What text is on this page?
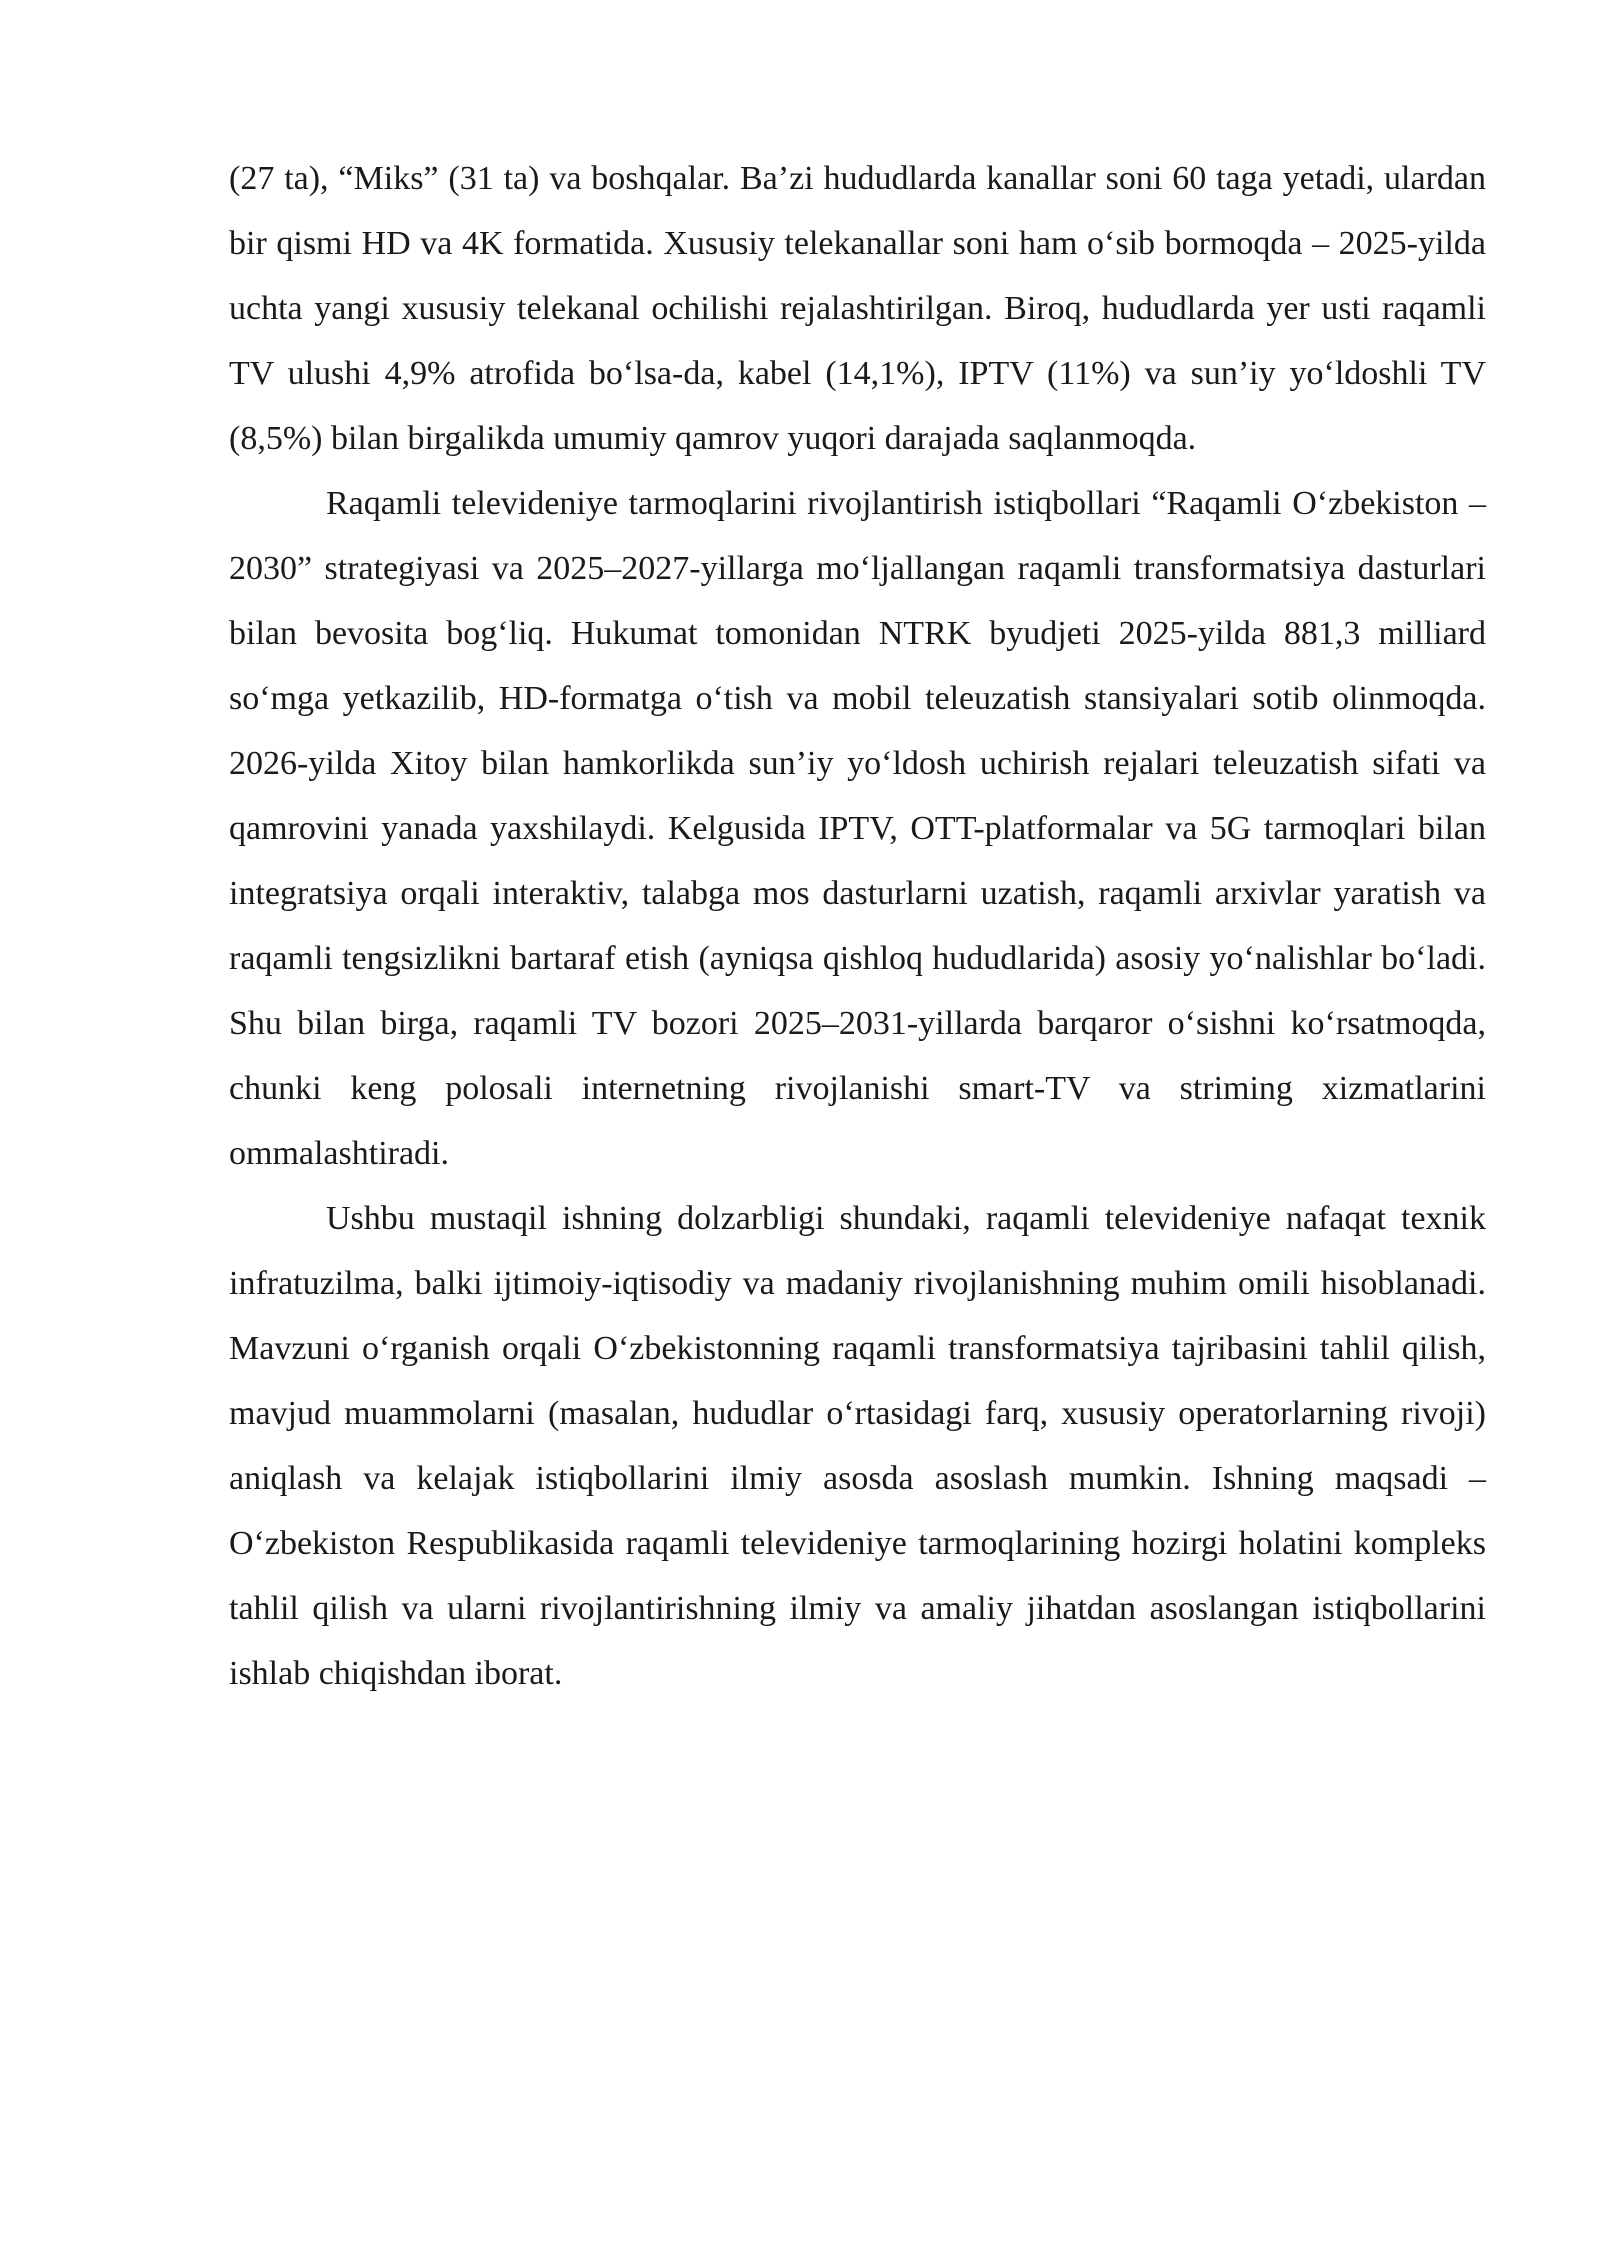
(27 ta), “Miks” (31 ta) va boshqalar. Ba’zi hududlarda kanallar soni 60 taga yetadi, ulardan bir qismi HD va 4K formatida. Xususiy telekanallar soni ham oʻsib bormoqda – 2025-yilda uchta yangi xususiy telekanal ochilishi rejalashtirilgan. Biroq, hududlarda yer usti raqamli TV ulushi 4,9% atrofida boʻlsa-da, kabel (14,1%), IPTV (11%) va sun’iy yoʻldoshli TV (8,5%) bilan birgalikda umumiy qamrov yuqori darajada saqlanmoqda.

Raqamli televideniye tarmoqlarini rivojlantirish istiqbollari “Raqamli Oʻzbekiston – 2030” strategiyasi va 2025–2027-yillarga moʻljallangan raqamli transformatsiya dasturlari bilan bevosita bogʻliq. Hukumat tomonidan NTRK byudjeti 2025-yilda 881,3 milliard soʻmga yetkazilib, HD-formatga oʻtish va mobil teleuzatish stansiyalari sotib olinmoqda. 2026-yilda Xitoy bilan hamkorlikda sun’iy yoʻldosh uchirish rejalari teleuzatish sifati va qamrovini yanada yaxshilaydi. Kelgusida IPTV, OTT-platformalar va 5G tarmoqlari bilan integratsiya orqali interaktiv, talabga mos dasturlarni uzatish, raqamli arxivlar yaratish va raqamli tengsizlikni bartaraf etish (ayniqsa qishloq hududlarida) asosiy yoʻnalishlar boʻladi. Shu bilan birga, raqamli TV bozori 2025–2031-yillarda barqaror oʻsishni koʻrsatmoqda, chunki keng polosali internetning rivojlanishi smart-TV va striming xizmatlarini ommalashtiradi.

Ushbu mustaqil ishning dolzarbligi shundaki, raqamli televideniye nafaqat texnik infratuzilma, balki ijtimoiy-iqtisodiy va madaniy rivojlanishning muhim omili hisoblanadi. Mavzuni oʻrganish orqali Oʻzbekistonning raqamli transformatsiya tajribasini tahlil qilish, mavjud muammolarni (masalan, hududlar oʻrtasidagi farq, xususiy operatorlarning rivoji) aniqlash va kelajak istiqbollarini ilmiy asosda asoslash mumkin. Ishning maqsadi – Oʻzbekiston Respublikasida raqamli televideniye tarmoqlarining hozirgi holatini kompleks tahlil qilish va ularni rivojlantirishning ilmiy va amaliy jihatdan asoslangan istiqbollarini ishlab chiqishdan iborat.
